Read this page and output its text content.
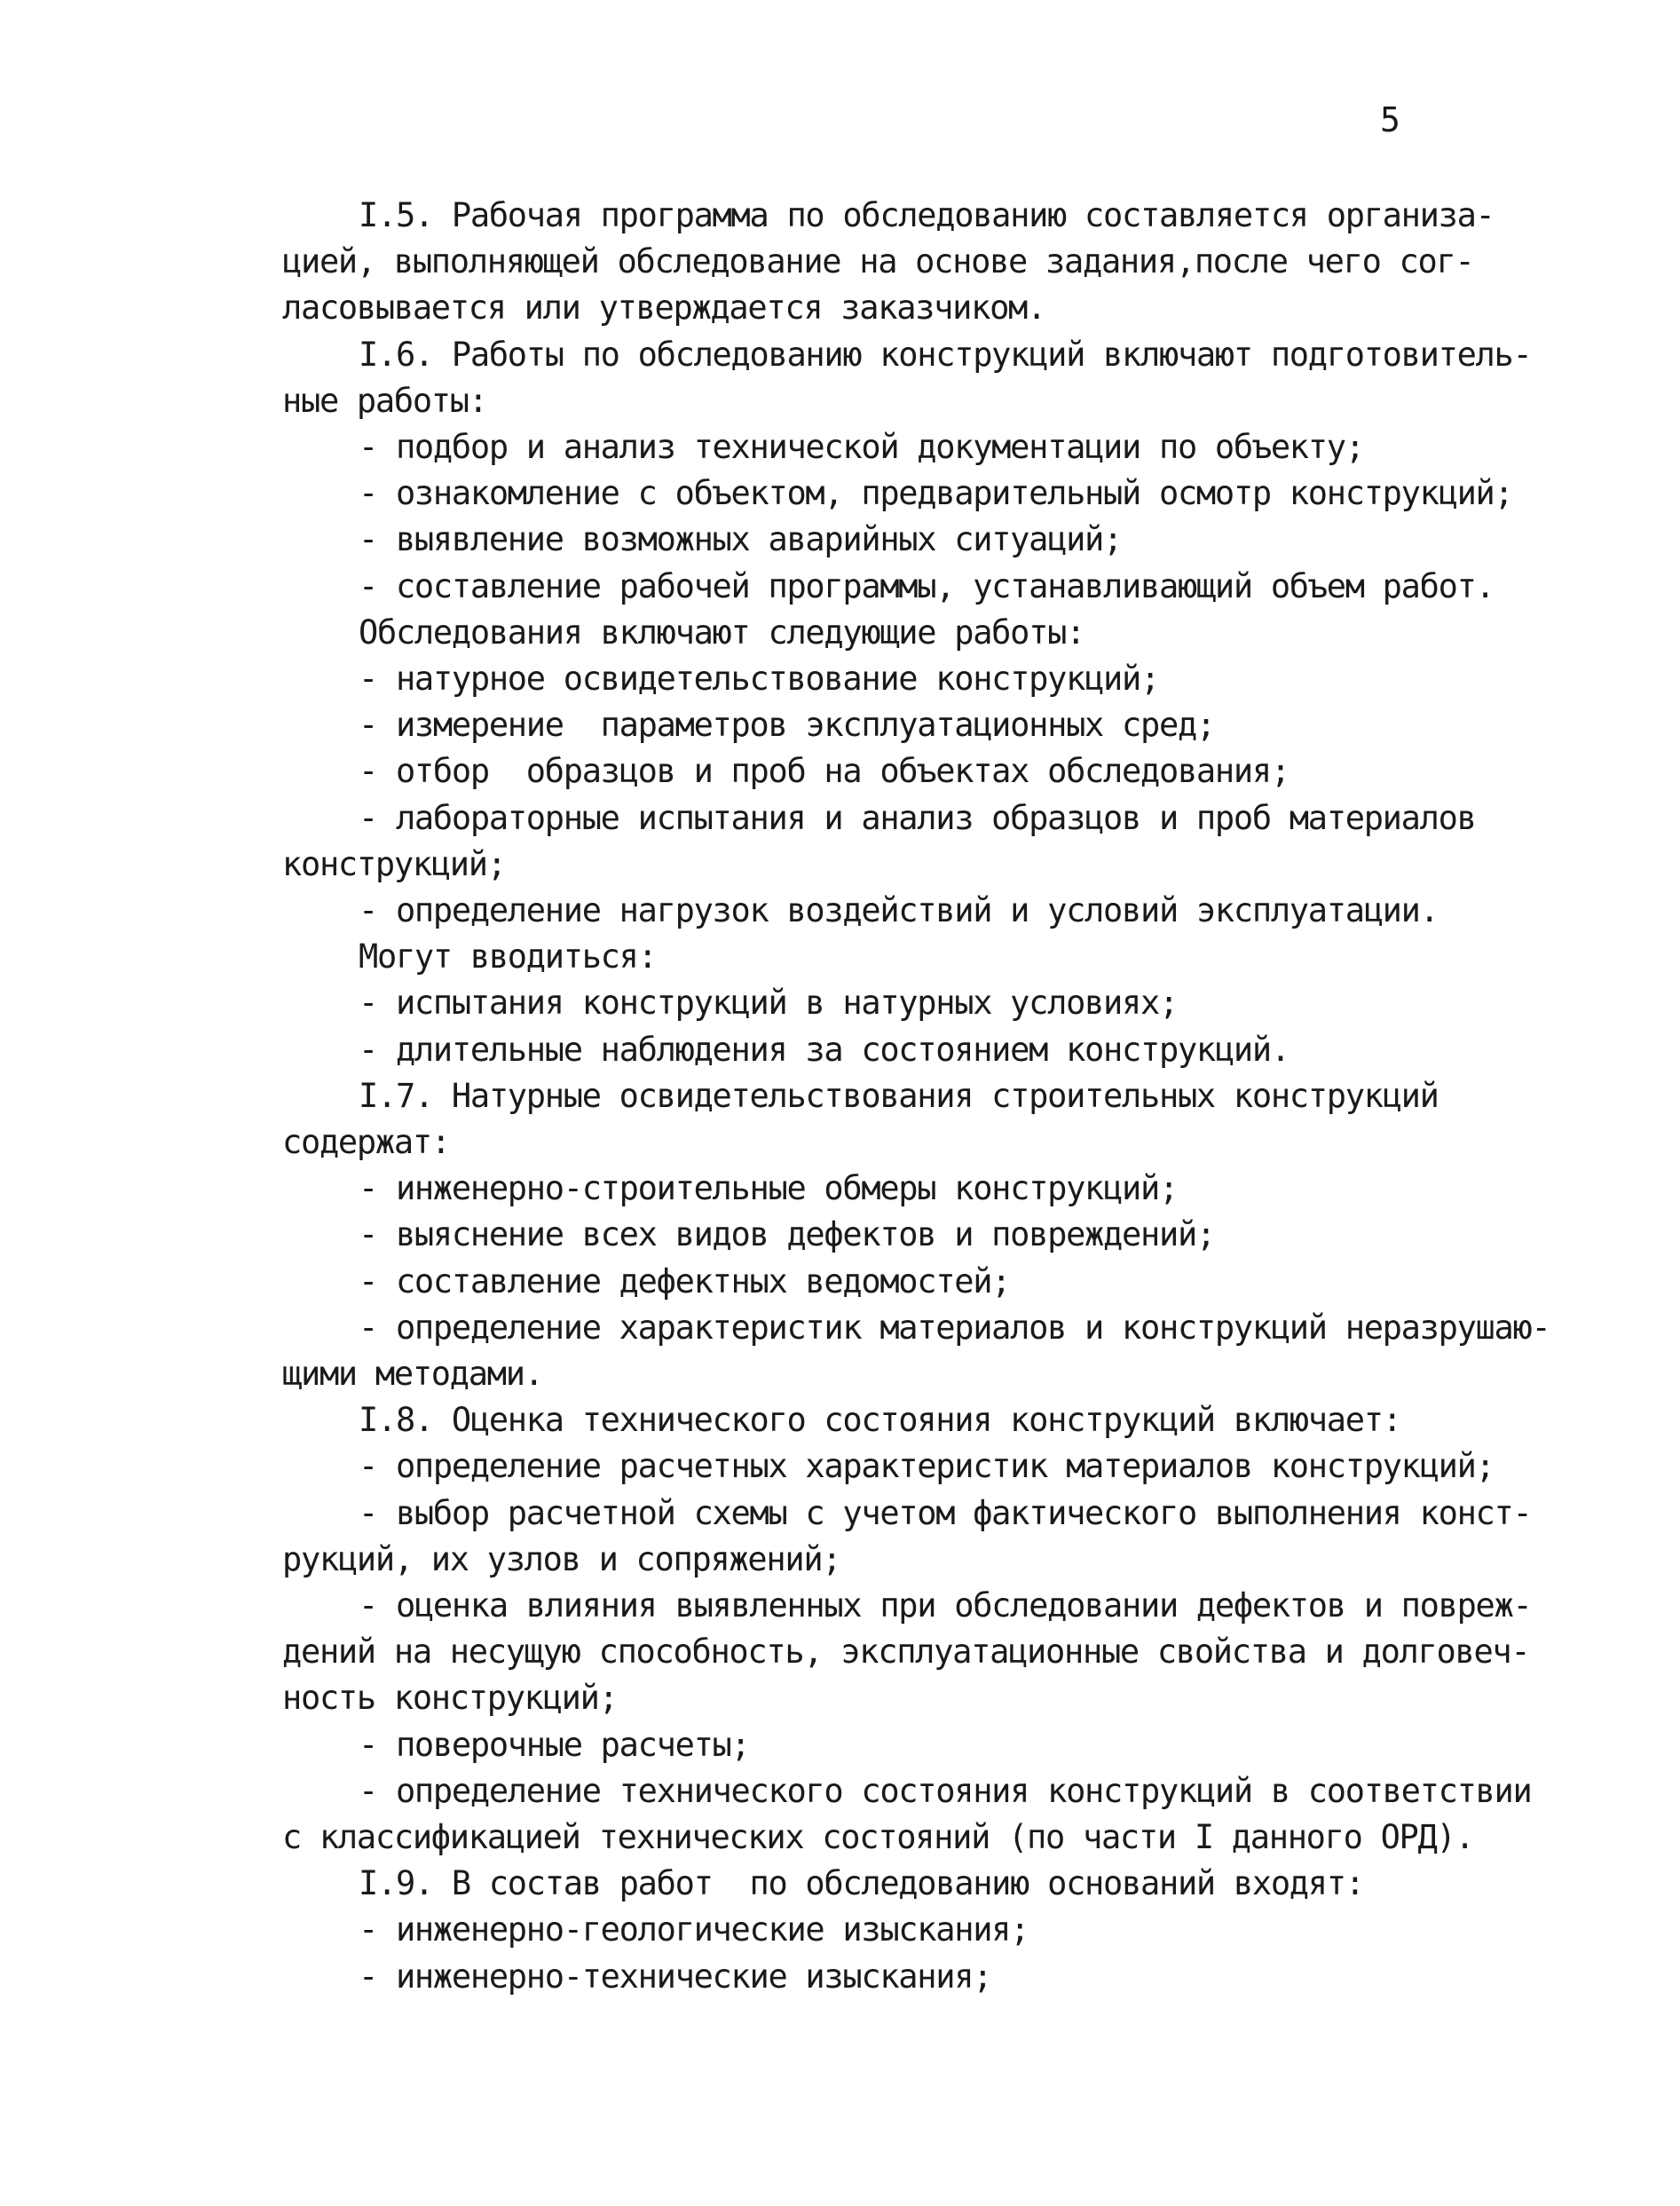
5
I.5. Рабочая программа по обследованию составляется организа-
цией, выполняющей обследование на основе задания,после чего сог-
ласовывается или утверждается заказчиком.
I.6. Работы по обследованию конструкций включают подготовитель-
ные работы:
- подбор и анализ технической документации по объекту;
- ознакомление с объектом, предварительный осмотр конструкций;
- выявление возможных аварийных ситуаций;
- составление рабочей программы, устанавливающий объем работ.
Обследования включают следующие работы:
- натурное освидетельствование конструкций;
- измерение  параметров эксплуатационных сред;
- отбор  образцов и проб на объектах обследования;
- лабораторные испытания и анализ образцов и проб материалов
конструкций;
- определение нагрузок воздействий и условий эксплуатации.
Могут вводиться:
- испытания конструкций в натурных условиях;
- длительные наблюдения за состоянием конструкций.
I.7. Натурные освидетельствования строительных конструкций
содержат:
- инженерно-строительные обмеры конструкций;
- выяснение всех видов дефектов и повреждений;
- составление дефектных ведомостей;
- определение характеристик материалов и конструкций неразрушаю-
щими методами.
I.8. Оценка технического состояния конструкций включает:
- определение расчетных характеристик материалов конструкций;
- выбор расчетной схемы с учетом фактического выполнения конст-
рукций, их узлов и сопряжений;
- оценка влияния выявленных при обследовании дефектов и повреж-
дений на несущую способность, эксплуатационные свойства и долговеч-
ность конструкций;
- поверочные расчеты;
- определение технического состояния конструкций в соответствии
с классификацией технических состояний (по части I данного ОРД).
I.9. В состав работ  по обследованию оснований входят:
- инженерно-геологические изыскания;
- инженерно-технические изыскания;
